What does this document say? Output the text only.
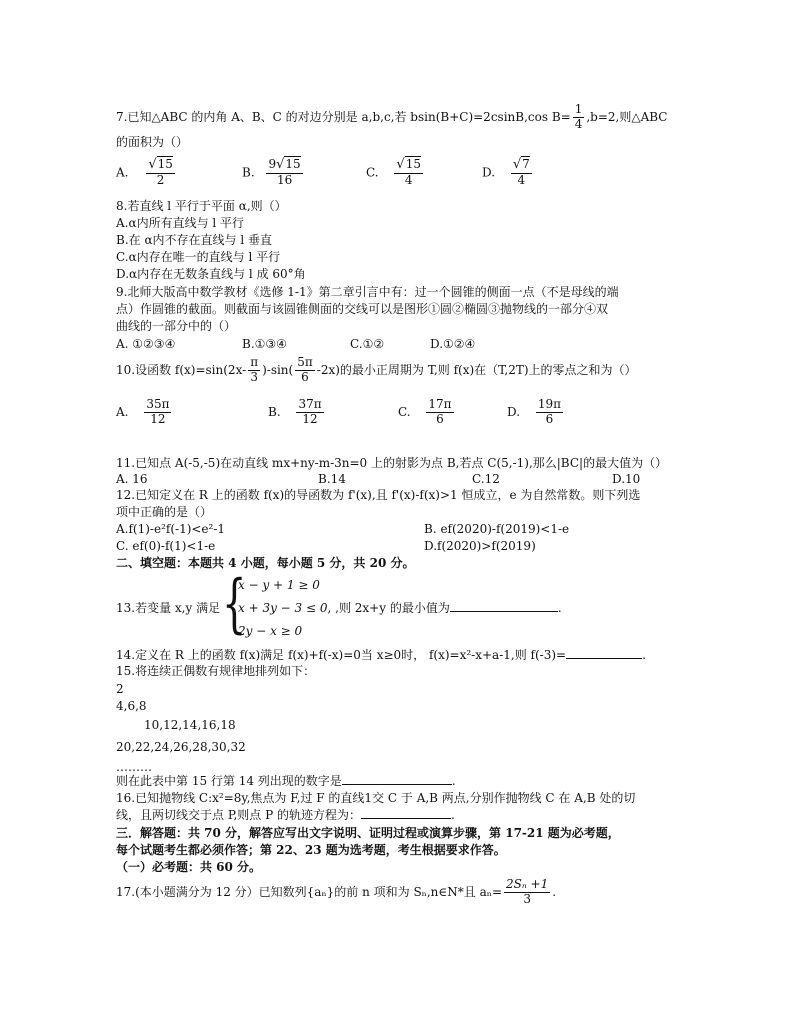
7.已知△ABC 的内角 A、B、C 的对边分别是 a,b,c,若 bsin(B+C)=2csinB,cos $B= \frac{1}{4} ,b=2$,则△ABC
的面积为（）
A. $\frac{√15}{2}$	B. $\frac{9√15}{16}$	C. $\frac{√15}{4}$	D. $\frac{√7}{4}$
8.若直线 l 平行于平面 α,则（）
A.α内所有直线与 l 平行
B.在 α内不存在直线与 l 垂直
C.α内存在唯一的直线与 l 平行
D.α内存在无数条直线与 l 成 60°角
9.北师大版高中数学教材《选修 1-1》第二章引言中有：过一个圆锥的侧面一点（不是母线的端
点）作圆锥的截面。则截面与该圆锥侧面的交线可以是图形①圆②椭圆③抛物线的一部分④双
曲线的一部分中的（）
A. ①②③④	B.①③④	C.①②	D.①②④
10.设函数 $f(x)=\sin(2x- \frac{\pi}{3} )-\sin( \frac{5\pi}{6} -2x)$的最小正周期为 T,则 f(x)在（T,2T)上的零点之和为（）
A. $\frac{35\pi}{12}$	B. $\frac{37\pi}{12}$	C. $\frac{17\pi}{6}$	D. $\frac{19\pi}{6}$
11.已知点 A(-5,-5)在动直线 mx+ny-m-3n=0 上的射影为点 B,若点 C(5,-1),那么|BC|的最大值为（）
A. 16	B.14	C.12	D.10
12.已知定义在 R 上的函数 f(x)的导函数为 f'(x),且 f'(x)-f(x)>1 恒成立，e 为自然常数。则下列选
项中正确的是（）
A.f(1)-e²f(-1)<e²-1	B. ef(2020)-f(2019)<1-e
C. ef(0)-f(1)<1-e	D.f(2020)>f(2019)
二、填空题：本题共 4 小题，每小题 5 分，共 20 分。
13.若变量 x,y 满足 {
x − y + 1 ≥ 0
x + 3y − 3 ≤ 0, ,则 2x+y 的最小值为	.
2y − x ≥ 0
14.定义在 R 上的函数 f(x)满足 f(x)+f(-x)=0当 x≥0时， f(x)=x²-x+a-1,则 f(-3)=	.
15.将连续正偶数有规律地排列如下：
2
4,6,8
10,12,14,16,18
20,22,24,26,28,30,32
………
则在此表中第 15 行第 14 列出现的数字是	.
16.已知抛物线 C:x²=8y,焦点为 F,过 F 的直线1交 C 于 A,B 两点,分别作抛物线 C 在 A,B 处的切
线，且两切线交于点 P,则点 P 的轨迹方程为：	.
三．解答题：共 70 分，解答应写出文字说明、证明过程或演算步骤，第 17-21 题为必考题，
每个试题考生都必须作答；第 22、23 题为选考题，考生根据要求作答。
（一）必考题：共 60 分。
17.(本小题满分为 12 分）已知数列{aₙ}的前 n 项和为 Sₙ,n∈N*且 $a_n= \frac{\text{2Sₙ +1}}{3}$ .
